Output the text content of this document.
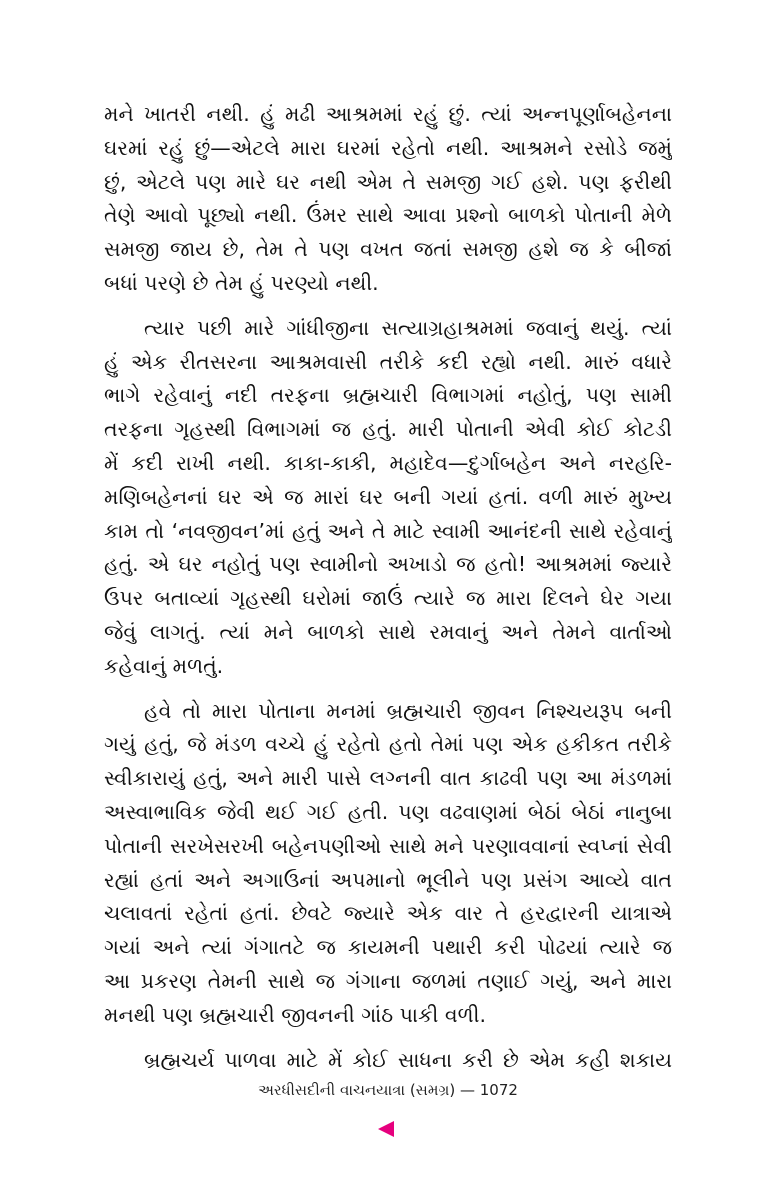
મને ખાતરી નથી. હું મઢી આશ્રમમાં રહું છું. ત્યાં અન્નપૂર્ણાબહેનના
ઘરમાં રહું છું—એટલે મારા ઘરમાં રહેતો નથી. આશ્રમને રસોડે જમું
છું, એટલે પણ મારે ઘર નથી એમ તે સમજી ગઈ હશે. પણ ફરીથી
તેણે આવો પૂછ્યો નથી. ઉંમર સાથે આવા પ્રશ્નો બાળકો પોતાની મેળે
સમજી જાય છે, તેમ તે પણ વખત જતાં સમજી હશે જ કે બીજાં
બધાં પરણે છે તેમ હું પરણ્યો નથી.
ત્યાર પછી મારે ગાંધીજીના સત્યાગ્રહાશ્રમમાં જવાનું થયું. ત્યાં
હું એક રીતસરના આશ્રમવાસી તરીકે કદી રહ્યો નથી. મારું વધારે
ભાગે રહેવાનું નદી તરફના બ્રહ્મચારી વિભાગમાં નહોતું, પણ સામી
તરફના ગૃહસ્થી વિભાગમાં જ હતું. મારી પોતાની એવી કોઈ કોટડી
મેં કદી રાખી નથી. કાકા-કાકી, મહાદેવ—દુર્ગાબહેન અને નરહરિ-
મણિબહેનનાં ઘર એ જ મારાં ઘર બની ગયાં હતાં. વળી મારું મુખ્ય
કામ તો ‘નવજીવન’માં હતું અને તે માટે સ્વામી આનંદની સાથે રહેવાનું
હતું. એ ઘર નહોતું પણ સ્વામીનો અખાડો જ હતો! આશ્રમમાં જ્યારે
ઉપર બતાવ્યાં ગૃહસ્થી ઘરોમાં જાઉં ત્યારે જ મારા દિલને ઘેર ગયા
જેવું લાગતું. ત્યાં મને બાળકો સાથે રમવાનું અને તેમને વાર્તાઓ
કહેવાનું મળતું.
હવે તો મારા પોતાના મનમાં બ્રહ્મચારી જીવન નિશ્ચયરૂપ બની
ગયું હતું, જે મંડળ વચ્ચે હું રહેતો હતો તેમાં પણ એક હકીકત તરીકે
સ્વીકારાયું હતું, અને મારી પાસે લગ્નની વાત કાઢવી પણ આ મંડળમાં
અસ્વાભાવિક જેવી થઈ ગઈ હતી. પણ વઢવાણમાં બેઠાં બેઠાં નાનુબા
પોતાની સરખેસરખી બહેનપણીઓ સાથે મને પરણાવવાનાં સ્વપ્નાં સેવી
રહ્યાં હતાં અને અગાઉનાં અપમાનો ભૂલીને પણ પ્રસંગ આવ્યે વાત
ચલાવતાં રહેતાં હતાં. છેવટે જ્યારે એક વાર તે હરદ્વારની યાત્રાએ
ગયાં અને ત્યાં ગંગાતટે જ કાયમની પથારી કરી પોઢયાં ત્યારે જ
આ પ્રકરણ તેમની સાથે જ ગંગાના જળમાં તણાઈ ગયું, અને મારા
મનથી પણ બ્રહ્મચારી જીવનની ગાંઠ પાકી વળી.
બ્રહ્મચર્ય પાળવા માટે મેં કોઈ સાધના કરી છે એમ કહી શકાય
અરધીસદીની વાચનયાત્રા (સમગ્ર) — 1072
